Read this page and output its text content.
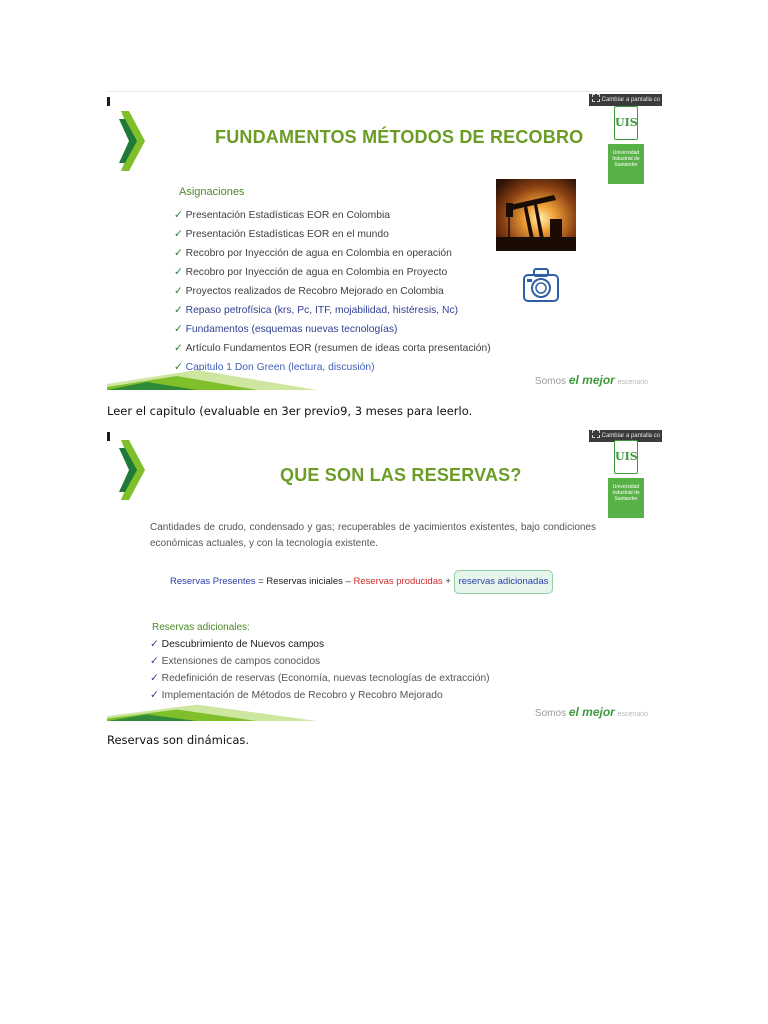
Cambiar a pantalla co
FUNDAMENTOS MÉTODOS DE RECOBRO
UIS
Universidad Industrial de Santander
Asignaciones
✓ Presentación Estadísticas EOR en Colombia
✓ Presentación Estadísticas EOR en el mundo
✓ Recobro por Inyección de agua en Colombia en operación
✓ Recobro por Inyección de agua en Colombia en Proyecto
✓ Proyectos realizados de Recobro Mejorado en Colombia
✓ Repaso petrofísica (krs, Pc, ITF, mojabilidad, histéresis, Nc)
✓ Fundamentos (esquemas nuevas tecnologías)
✓ Artículo Fundamentos EOR (resumen de ideas corta presentación)
✓ Capitulo 1 Don Green (lectura, discusión)
Somos el mejor escenario
Leer el capitulo (evaluable en 3er previo9, 3 meses para leerlo.
Cambiar a pantalla co
QUE SON LAS RESERVAS?
UIS
Universidad Industrial de Santander
Cantidades de crudo, condensado y gas; recuperables de yacimientos existentes, bajo condiciones económicas actuales, y con la tecnología existente.
Reservas Presentes = Reservas iniciales – Reservas producidas + reservas adicionadas
Reservas adicionales:
✓ Descubrimiento de Nuevos campos
✓ Extensiones de campos conocidos
✓ Redefinición de reservas (Economía, nuevas tecnologías de extracción)
✓ Implementación de Métodos de Recobro y Recobro Mejorado
Somos el mejor escenario
Reservas son dinámicas.
